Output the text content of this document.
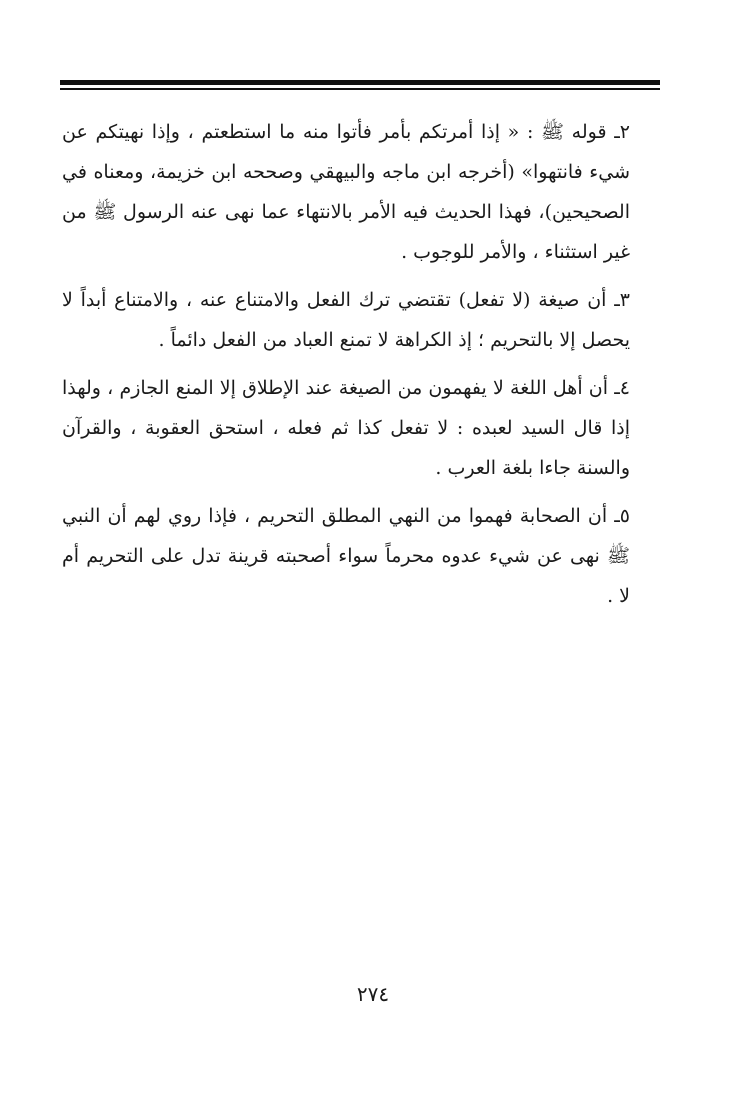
٢ـ قوله ﷺ : « إذا أمرتكم بأمر فأتوا منه ما استطعتم ، وإذا نهيتكم عن شيء فانتهوا» (أخرجه ابن ماجه والبيهقي وصححه ابن خزيمة، ومعناه في الصحيحين)، فهذا الحديث فيه الأمر بالانتهاء عما نهى عنه الرسول ﷺ من غير استثناء ، والأمر للوجوب .

٣ـ أن صيغة (لا تفعل) تقتضي ترك الفعل والامتناع عنه ، والامتناع أبداً لا يحصل إلا بالتحريم ؛ إذ الكراهة لا تمنع العباد من الفعل دائماً .

٤ـ أن أهل اللغة لا يفهمون من الصيغة عند الإطلاق إلا المنع الجازم ، ولهذا إذا قال السيد لعبده : لا تفعل كذا ثم فعله ، استحق العقوبة ، والقرآن والسنة جاءا بلغة العرب .

٥ـ أن الصحابة فهموا من النهي المطلق التحريم ، فإذا روي لهم أن النبي ﷺ نهى عن شيء عدوه محرماً سواء أصحبته قرينة تدل على التحريم أم لا .

٢٧٤
